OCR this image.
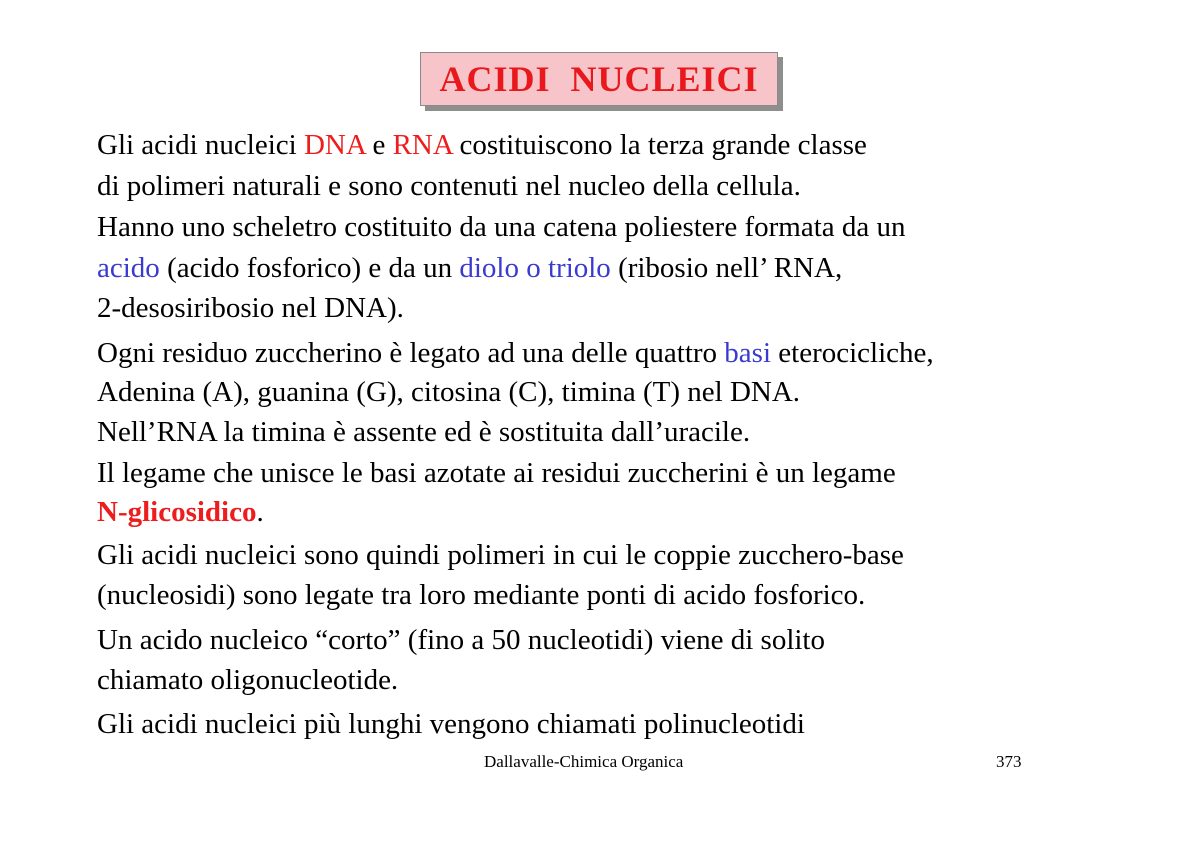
ACIDI  NUCLEICI
Gli acidi nucleici DNA e RNA costituiscono la terza grande classe
di polimeri naturali e sono contenuti nel nucleo della cellula.
Hanno uno scheletro costituito da una catena poliestere formata da un
acido (acido fosforico) e da un diolo o triolo (ribosio nell’ RNA,
2-desosiribosio nel DNA).
Ogni residuo zuccherino è legato ad una delle quattro basi eterocicliche,
Adenina (A), guanina (G), citosina (C), timina (T) nel DNA.
Nell’RNA la timina è assente ed è sostituita dall’uracile.
Il legame che unisce le basi azotate ai residui zuccherini è un legame
N-glicosidico.
Gli acidi nucleici sono quindi polimeri in cui le coppie zucchero-base
(nucleosidi) sono legate tra loro mediante ponti di acido fosforico.
Un acido nucleico “corto” (fino a 50 nucleotidi) viene di solito
chiamato oligonucleotide.
Gli acidi nucleici più lunghi vengono chiamati polinucleotidi
Dallavalle-Chimica Organica	373
